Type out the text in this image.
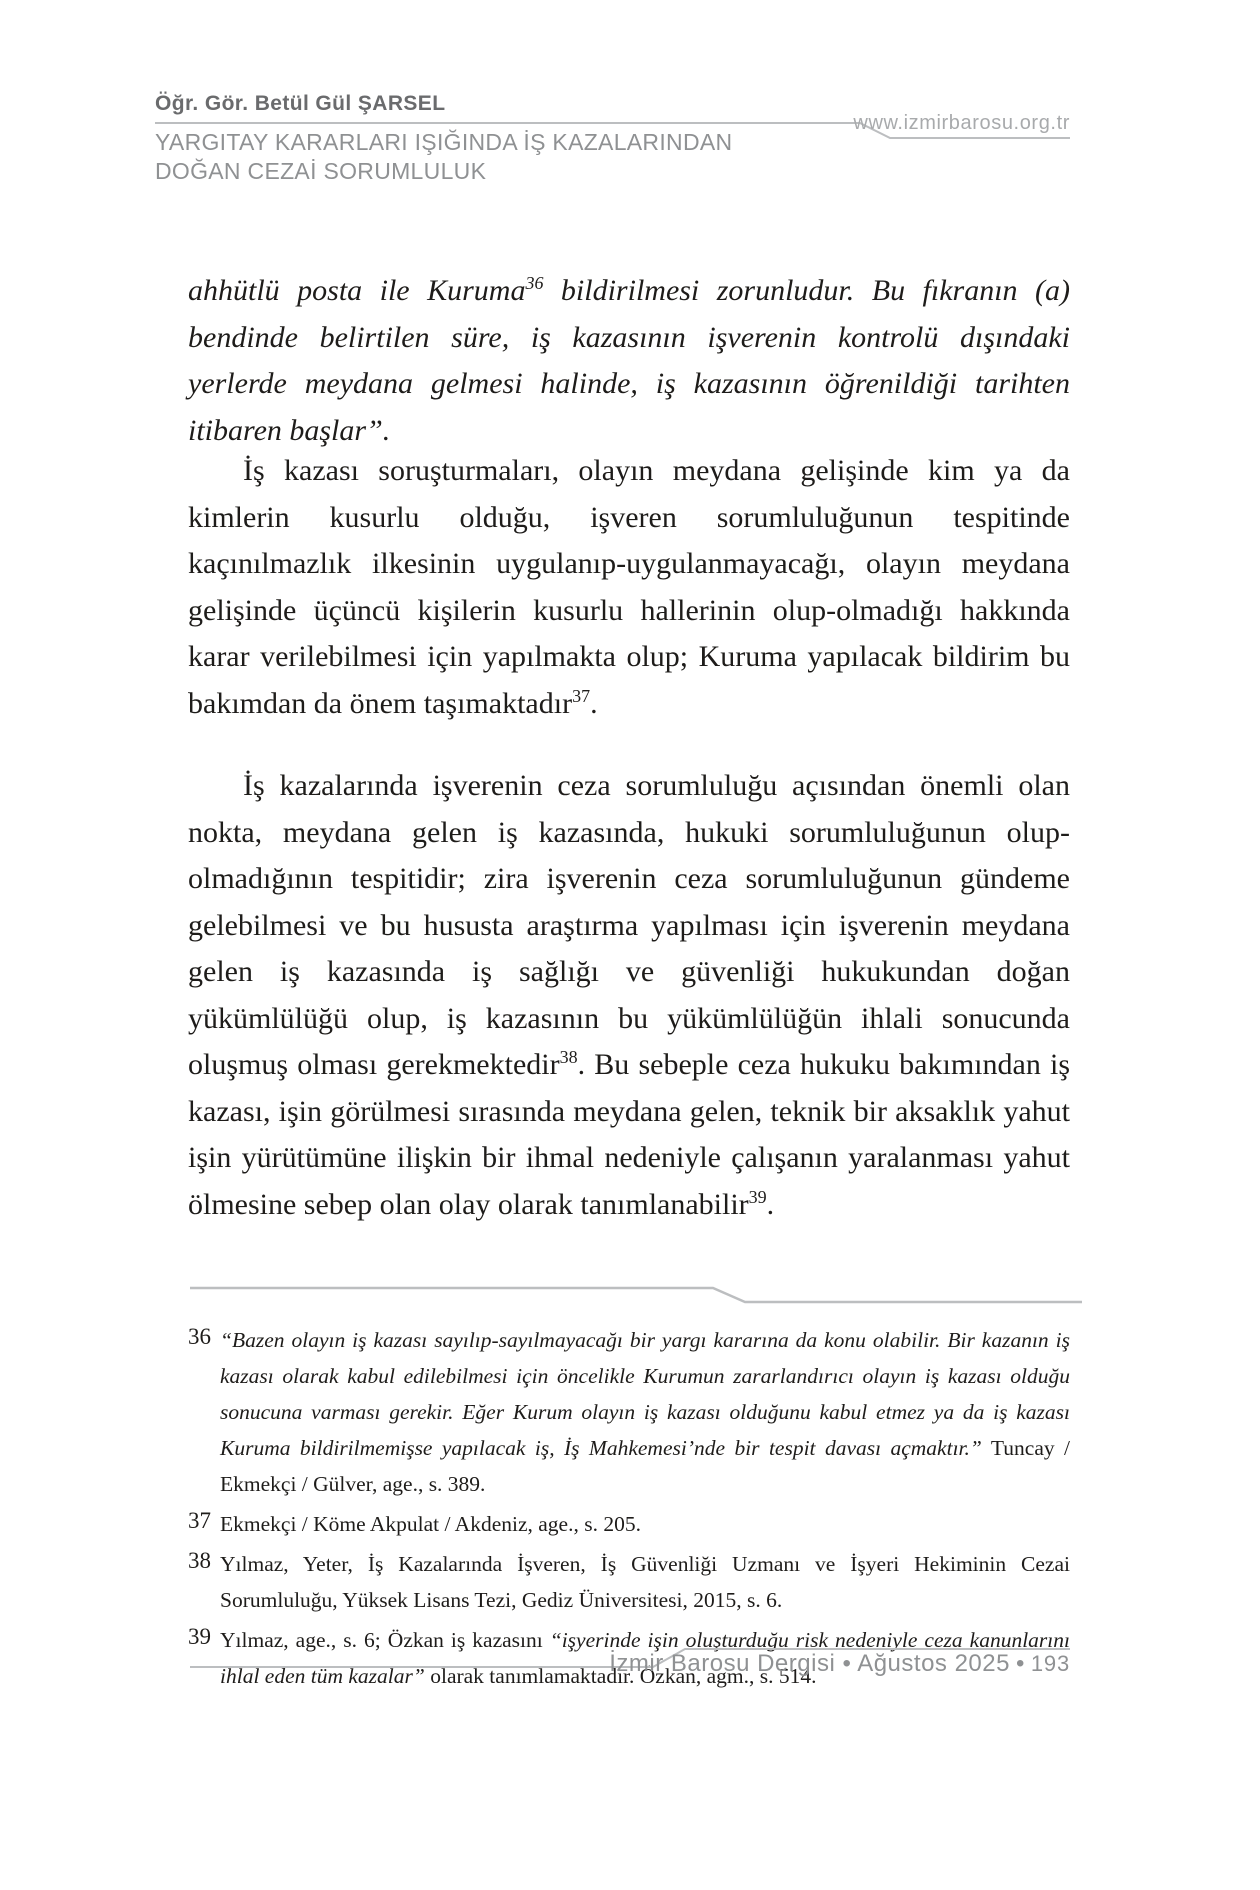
Öğr. Gör. Betül Gül ŞARSEL
www.izmirbarosu.org.tr
YARGITAY KARARLARI IŞIĞINDA İŞ KAZALARINDAN
DOĞAN CEZAİ SORUMLULUK

ahhütlü posta ile Kuruma$^{36}$ bildirilmesi zorunludur. Bu fıkranın (a) bendinde belirtilen süre, iş kazasının işverenin kontrolü dışındaki yerlerde meydana gelmesi halinde, iş kazasının öğrenildiği tarihten itibaren başlar”.

İş kazası soruşturmaları, olayın meydana gelişinde kim ya da kimlerin kusurlu olduğu, işveren sorumluluğunun tespitinde kaçınılmazlık ilkesinin uygulanıp-uygulanmayacağı, olayın meydana gelişinde üçüncü kişilerin kusurlu hallerinin olup-olmadığı hakkında karar verilebilmesi için yapılmakta olup; Kuruma yapılacak bildirim bu bakımdan da önem taşımaktadır$^{37}$.

İş kazalarında işverenin ceza sorumluluğu açısından önemli olan nokta, meydana gelen iş kazasında, hukuki sorumluluğunun olup-olmadığının tespitidir; zira işverenin ceza sorumluluğunun gündeme gelebilmesi ve bu hususta araştırma yapılması için işverenin meydana gelen iş kazasında iş sağlığı ve güvenliği hukukundan doğan yükümlülüğü olup, iş kazasının bu yükümlülüğün ihlali sonucunda oluşmuş olması gerekmektedir$^{38}$. Bu sebeple ceza hukuku bakımından iş kazası, işin görülmesi sırasında meydana gelen, teknik bir aksaklık yahut işin yürütümüne ilişkin bir ihmal nedeniyle çalışanın yaralanması yahut ölmesine sebep olan olay olarak tanımlanabilir$^{39}$.

36 “Bazen olayın iş kazası sayılıp-sayılmayacağı bir yargı kararına da konu olabilir. Bir kazanın iş kazası olarak kabul edilebilmesi için öncelikle Kurumun zararlandırıcı olayın iş kazası olduğu sonucuna varması gerekir. Eğer Kurum olayın iş kazası olduğunu kabul etmez ya da iş kazası Kuruma bildirilmemişse yapılacak iş, İş Mahkemesi’nde bir tespit davası açmaktır.” Tuncay / Ekmekçi / Gülver, age., s. 389.
37 Ekmekçi / Köme Akpulat / Akdeniz, age., s. 205.
38 Yılmaz, Yeter, İş Kazalarında İşveren, İş Güvenliği Uzmanı ve İşyeri Hekiminin Cezai Sorumluluğu, Yüksek Lisans Tezi, Gediz Üniversitesi, 2015, s. 6.
39 Yılmaz, age., s. 6; Özkan iş kazasını “işyerinde işin oluşturduğu risk nedeniyle ceza kanunlarını ihlal eden tüm kazalar” olarak tanımlamaktadır. Özkan, agm., s. 514.
İzmir Barosu Dergisi • Ağustos 2025 • 193
